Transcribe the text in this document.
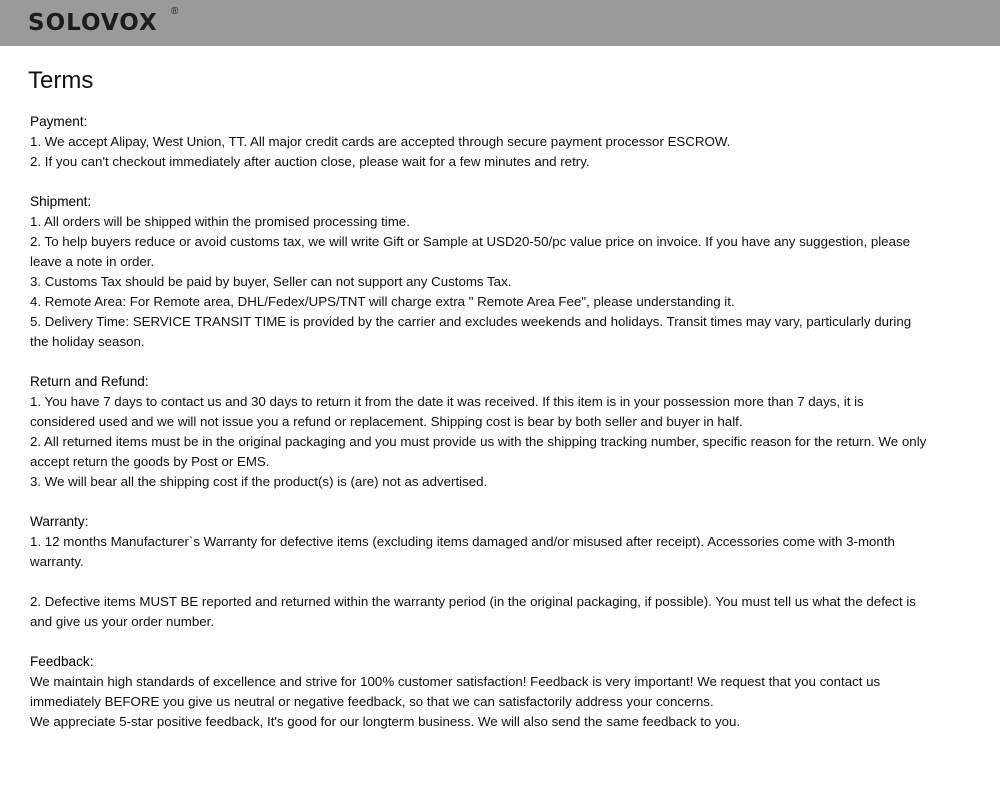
SOLOVOX ®
Terms
Payment:
1. We accept Alipay, West Union, TT. All major credit cards are accepted through secure payment processor ESCROW.
2. If you can't checkout immediately after auction close, please wait for a few minutes and retry.
Shipment:
1. All orders will be shipped within the promised processing time.
2. To help buyers reduce or avoid customs tax, we will write Gift or Sample at USD20-50/pc value price on invoice. If you have any suggestion, please
leave a note in order.
3. Customs Tax should be paid by buyer, Seller can not support any Customs Tax.
4. Remote Area: For Remote area, DHL/Fedex/UPS/TNT will charge extra " Remote Area Fee", please understanding it.
5. Delivery Time: SERVICE TRANSIT TIME is provided by the carrier and excludes weekends and holidays. Transit times may vary, particularly during
the holiday season.
Return and Refund:
1. You have 7 days to contact us and 30 days to return it from the date it was received. If this item is in your possession more than 7 days, it is
considered used and we will not issue you a refund or replacement. Shipping cost is bear by both seller and buyer in half.
2. All returned items must be in the original packaging and you must provide us with the shipping tracking number, specific reason for the return. We only
accept return the goods by Post or EMS.
3. We will bear all the shipping cost if the product(s) is (are) not as advertised.
Warranty:
1. 12 months Manufacturer`s Warranty for defective items (excluding items damaged and/or misused after receipt). Accessories come with 3-month
warranty.
2. Defective items MUST BE reported and returned within the warranty period (in the original packaging, if possible). You must tell us what the defect is
and give us your order number.
Feedback:
We maintain high standards of excellence and strive for 100% customer satisfaction! Feedback is very important! We request that you contact us
immediately BEFORE you give us neutral or negative feedback, so that we can satisfactorily address your concerns.
We appreciate 5-star positive feedback, It's good for our longterm business. We will also send the same feedback to you.
